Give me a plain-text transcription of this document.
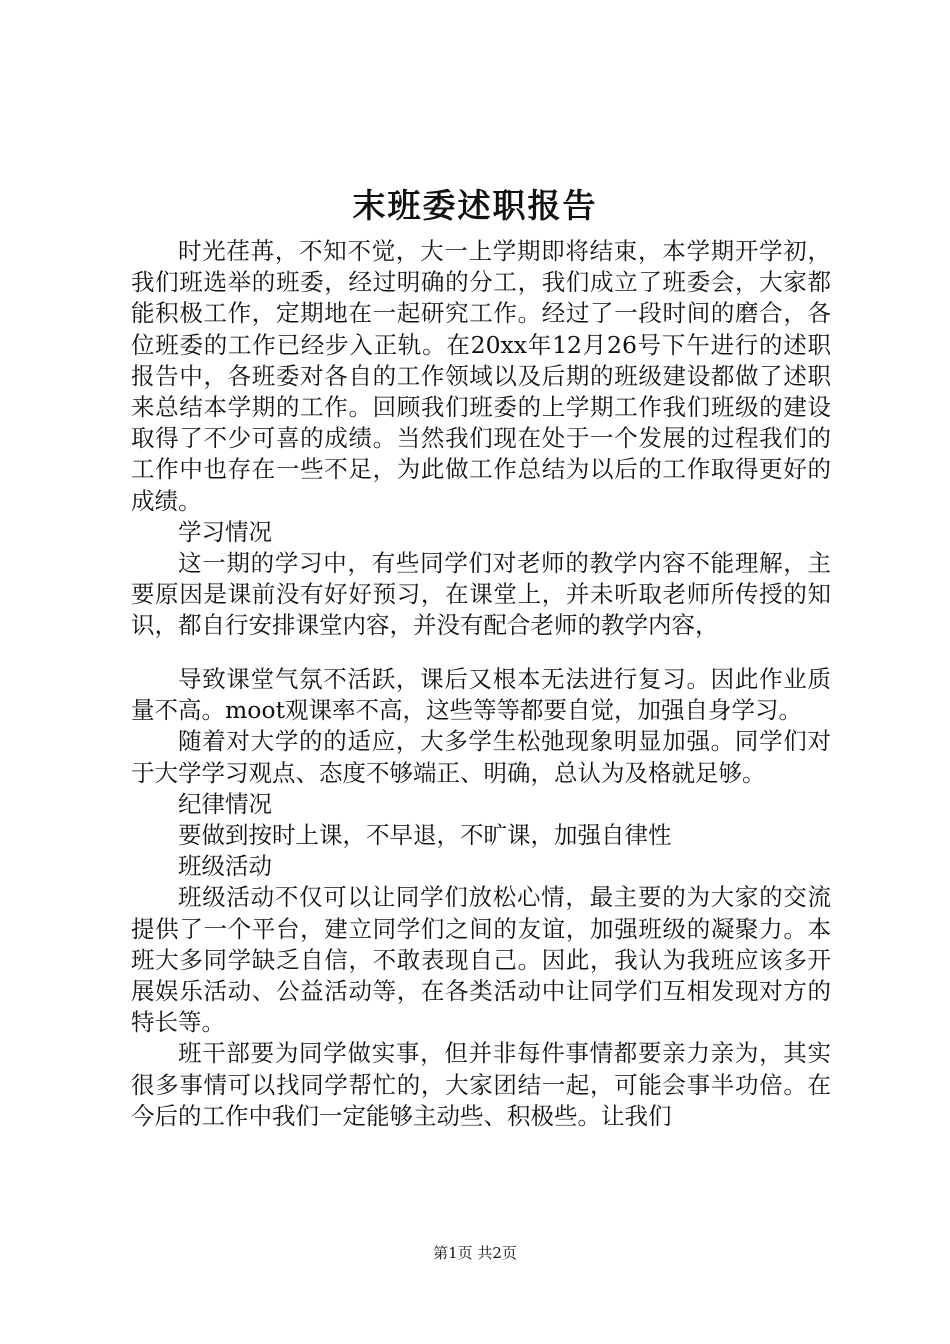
末班委述职报告

时光荏苒，不知不觉，大一上学期即将结束，本学期开学初，我们班选举的班委，经过明确的分工，我们成立了班委会，大家都能积极工作，定期地在一起研究工作。经过了一段时间的磨合，各位班委的工作已经步入正轨。在20xx年12月26号下午进行的述职报告中，各班委对各自的工作领域以及后期的班级建设都做了述职来总结本学期的工作。回顾我们班委的上学期工作我们班级的建设取得了不少可喜的成绩。当然我们现在处于一个发展的过程我们的工作中也存在一些不足，为此做工作总结为以后的工作取得更好的成绩。

学习情况

这一期的学习中，有些同学们对老师的教学内容不能理解，主要原因是课前没有好好预习，在课堂上，并未听取老师所传授的知识，都自行安排课堂内容，并没有配合老师的教学内容，

导致课堂气氛不活跃，课后又根本无法进行复习。因此作业质量不高。moot观课率不高，这些等等都要自觉，加强自身学习。

随着对大学的的适应，大多学生松弛现象明显加强。同学们对于大学学习观点、态度不够端正、明确，总认为及格就足够。

纪律情况

要做到按时上课，不早退，不旷课，加强自律性

班级活动

班级活动不仅可以让同学们放松心情，最主要的为大家的交流提供了一个平台，建立同学们之间的友谊，加强班级的凝聚力。本班大多同学缺乏自信，不敢表现自己。因此，我认为我班应该多开展娱乐活动、公益活动等，在各类活动中让同学们互相发现对方的特长等。

班干部要为同学做实事，但并非每件事情都要亲力亲为，其实很多事情可以找同学帮忙的，大家团结一起，可能会事半功倍。在今后的工作中我们一定能够主动些、积极些。让我们

第1页 共2页
